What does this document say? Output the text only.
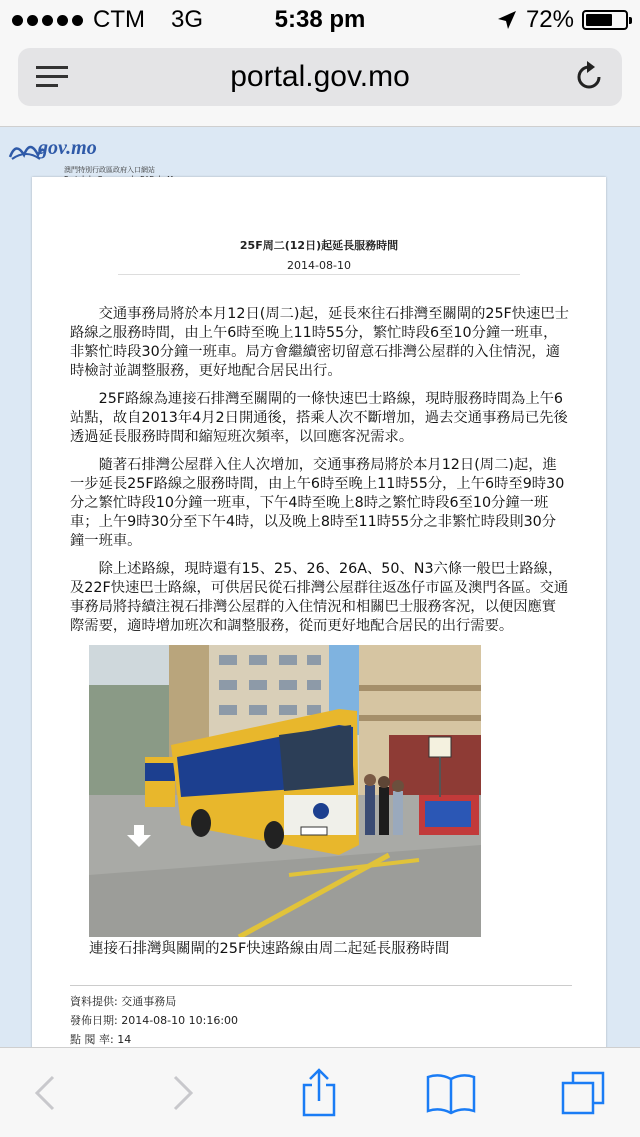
CTM 3G	5:38 pm	72%
portal.gov.mo
gov.mo
澳門特別行政區政府入口網站
25F周二(12日)起延長服務時間
2014-08-10

交通事務局將於本月12日(周二)起，延長來往石排灣至關閘的25F快速巴士路線之服務時間，由上午6時至晚上11時55分，繁忙時段6至10分鐘一班車，非繁忙時段30分鐘一班車。局方會繼續密切留意石排灣公屋群的入住情況，適時檢討並調整服務，更好地配合居民出行。

25F路線為連接石排灣至關閘的一條快速巴士路線，現時服務時間為上午6站點，故自2013年4月2日開通後，搭乘人次不斷增加，過去交通事務局已先後透過延長服務時間和縮短班次頻率，以回應客況需求。

隨著石排灣公屋群入住人次增加，交通事務局將於本月12日(周二)起，進一步延長25F路線之服務時間，由上午6時至晚上11時55分，上午6時至9時30分之繁忙時段10分鐘一班車，下午4時至晚上8時之繁忙時段6至10分鐘一班車；上午9時30分至下午4時，以及晚上8時至11時55分之非繁忙時段則30分鐘一班車。

除上述路線，現時還有15、25、26、26A、50、N3六條一般巴士路線，及22F快速巴士路線，可供居民從石排灣公屋群往返氹仔市區及澳門各區。交通事務局將持續注視石排灣公屋群的入住情況和相關巴士服務客況，以便因應實際需要，適時增加班次和調整服務，從而更好地配合居民的出行需要。

連接石排灣與關閘的25F快速路線由周二起延長服務時間
資料提供: 交通事務局
發佈日期: 2014-08-10 10:16:00
點 閱 率: 14
